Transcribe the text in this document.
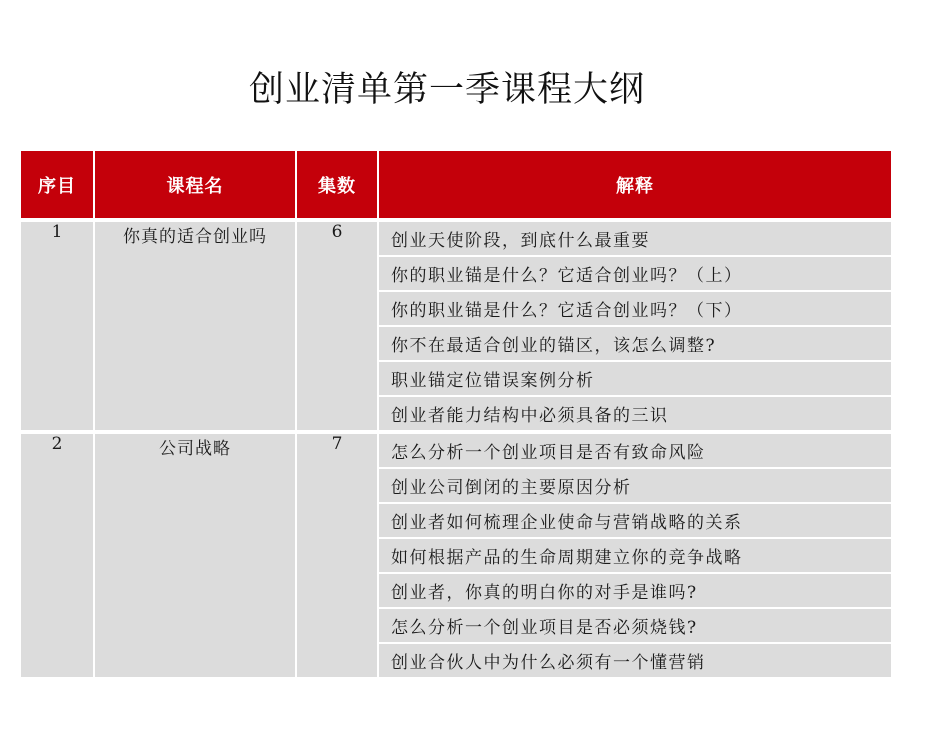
创业清单第一季课程大纲
序目	课程名	集数	解释
1	你真的适合创业吗	6	创业天使阶段，到底什么最重要
			你的职业锚是什么？它适合创业吗？（上）
			你的职业锚是什么？它适合创业吗？（下）
			你不在最适合创业的锚区，该怎么调整?
			职业锚定位错误案例分析
			创业者能力结构中必须具备的三识
2	公司战略	7	怎么分析一个创业项目是否有致命风险
			创业公司倒闭的主要原因分析
			创业者如何梳理企业使命与营销战略的关系
			如何根据产品的生命周期建立你的竞争战略
			创业者，你真的明白你的对手是谁吗?
			怎么分析一个创业项目是否必须烧钱?
			创业合伙人中为什么必须有一个懂营销
